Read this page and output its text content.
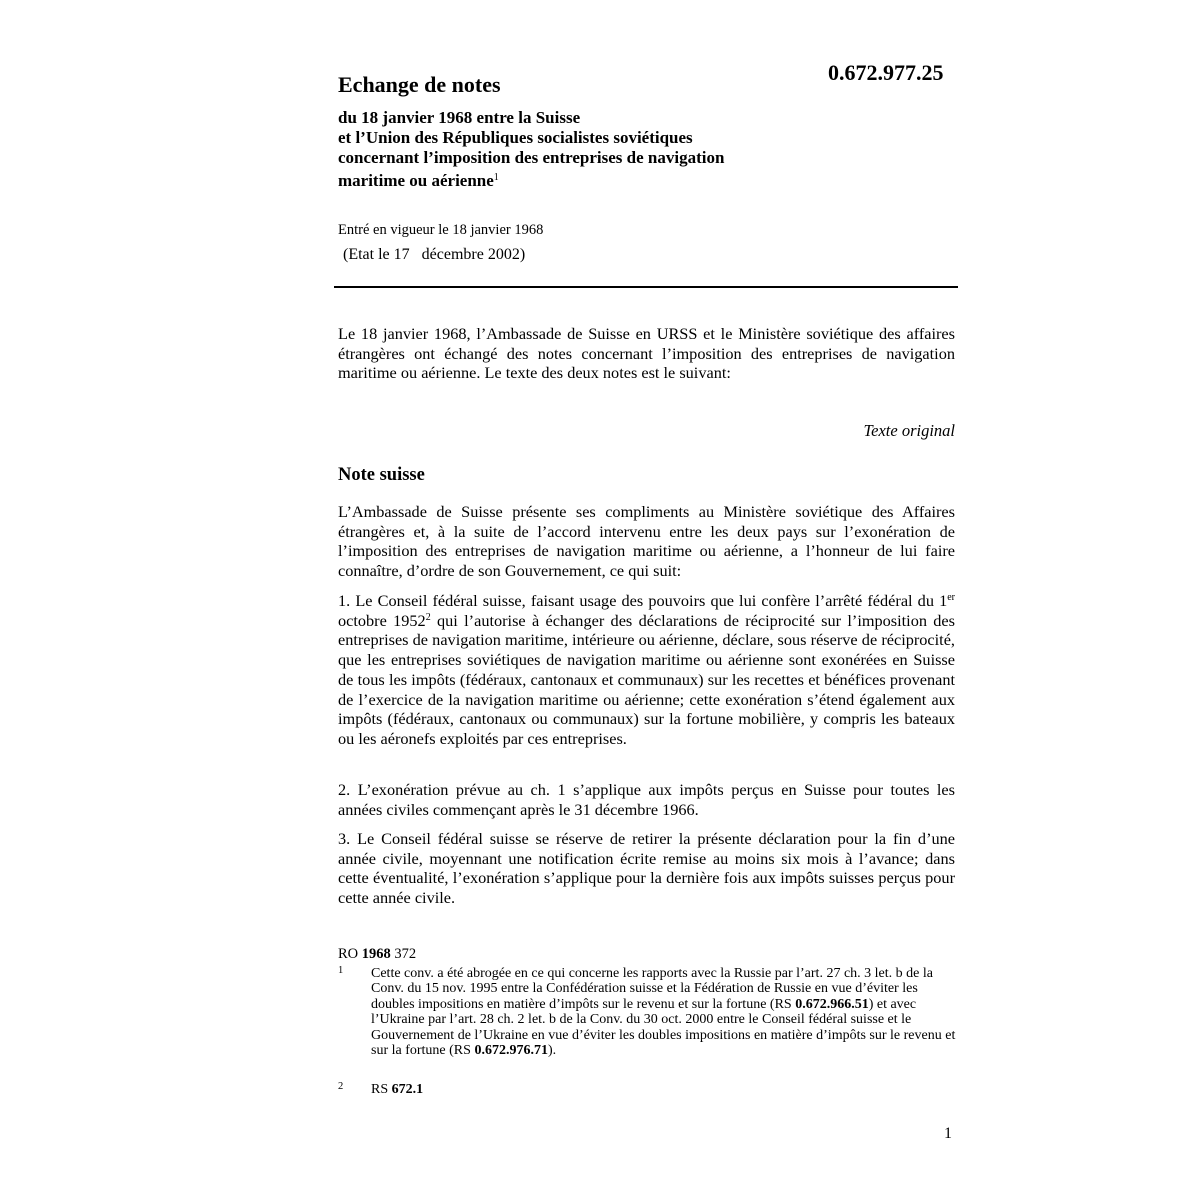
0.672.977.25
Echange de notes
du 18 janvier 1968 entre la Suisse
et l’Union des Républiques socialistes soviétiques
concernant l’imposition des entreprises de navigation
maritime ou aérienne$^1$
Entré en vigueur le 18 janvier 1968
(Etat le 17   décembre 2002)
Le 18 janvier 1968, l’Ambassade de Suisse en URSS et le Ministère soviétique des affaires étrangères ont échangé des notes concernant l’imposition des entreprises de navigation maritime ou aérienne. Le texte des deux notes est le suivant:
Texte original
Note suisse
L’Ambassade de Suisse présente ses compliments au Ministère soviétique des Affaires étrangères et, à la suite de l’accord intervenu entre les deux pays sur l’exonération de l’imposition des entreprises de navigation maritime ou aérienne, a l’honneur de lui faire connaître, d’ordre de son Gouvernement, ce qui suit:
1. Le Conseil fédéral suisse, faisant usage des pouvoirs que lui confère l’arrêté fédéral du 1er octobre 1952$^2$ qui l’autorise à échanger des déclarations de réciprocité sur l’imposition des entreprises de navigation maritime, intérieure ou aérienne, déclare, sous réserve de réciprocité, que les entreprises soviétiques de navigation maritime ou aérienne sont exonérées en Suisse de tous les impôts (fédéraux, cantonaux et communaux) sur les recettes et bénéfices provenant de l’exercice de la navigation maritime ou aérienne; cette exonération s’étend également aux impôts (fédéraux, cantonaux ou communaux) sur la fortune mobilière, y compris les bateaux ou les aéronefs exploités par ces entreprises.
2. L’exonération prévue au ch. 1 s’applique aux impôts perçus en Suisse pour toutes les années civiles commençant après le 31 décembre 1966.
3. Le Conseil fédéral suisse se réserve de retirer la présente déclaration pour la fin d’une année civile, moyennant une notification écrite remise au moins six mois à l’avance; dans cette éventualité, l’exonération s’applique pour la dernière fois aux impôts suisses perçus pour cette année civile.
RO 1968 372
1 Cette conv. a été abrogée en ce qui concerne les rapports avec la Russie par l’art. 27 ch. 3 let. b de la Conv. du 15 nov. 1995 entre la Confédération suisse et la Fédération de Russie en vue d’éviter les doubles impositions en matière d’impôts sur le revenu et sur la fortune (RS 0.672.966.51) et avec l’Ukraine par l’art. 28 ch. 2 let. b de la Conv. du 30 oct. 2000 entre le Conseil fédéral suisse et le Gouvernement de l’Ukraine en vue d’éviter les doubles impositions en matière d’impôts sur le revenu et sur la fortune (RS 0.672.976.71).
2 RS 672.1
1
